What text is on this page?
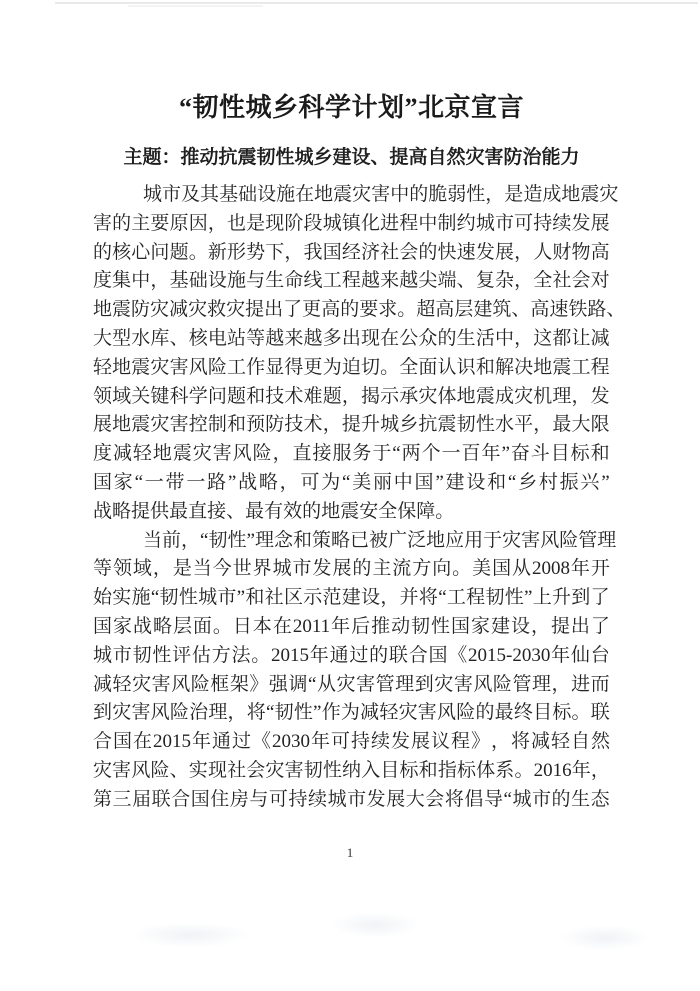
“韧性城乡科学计划”北京宣言
主题：推动抗震韧性城乡建设、提高自然灾害防治能力
城 市 及 其 基 础 设 施 在 地 震 灾 害 中 的 脆 弱 性 ， 是 造 成 地 震 灾
害 的 主 要 原 因 ， 也 是 现 阶 段 城 镇 化 进 程 中 制 约 城 市 可 持 续 发 展
的 核 心 问 题 。 新 形 势 下 ， 我 国 经 济 社 会 的 快 速 发 展 ， 人 财 物 高
度 集 中 ， 基 础 设 施 与 生 命 线 工 程 越 来 越 尖 端 、 复 杂 ， 全 社 会 对
地 震 防 灾 减 灾 救 灾 提 出 了 更 高 的 要 求 。 超 高 层 建 筑 、 高 速 铁 路 、
大 型 水 库 、 核 电 站 等 越 来 越 多 出 现 在 公 众 的 生 活 中 ， 这 都 让 减
轻 地 震 灾 害 风 险 工 作 显 得 更 为 迫 切 。 全 面 认 识 和 解 决 地 震 工 程
领 域 关 键 科 学 问 题 和 技 术 难 题 ， 揭 示 承 灾 体 地 震 成 灾 机 理 ， 发
展 地 震 灾 害 控 制 和 预 防 技 术 ， 提 升 城 乡 抗 震 韧 性 水 平 ， 最 大 限
度 减 轻 地 震 灾 害 风 险 ， 直 接 服 务 于 “ 两 个 一 百 年 ” 奋 斗 目 标 和
国 家 “ 一 带 一 路 ” 战 略 ， 可 为 “ 美 丽 中 国 ” 建 设 和 “ 乡 村 振 兴 ”
战 略 提 供 最 直 接 、 最 有 效 的 地 震 安 全 保 障 。
当 前 ， “ 韧 性 ” 理 念 和 策 略 已 被 广 泛 地 应 用 于 灾 害 风 险 管 理
等 领 域 ， 是 当 今 世 界 城 市 发 展 的 主 流 方 向 。 美 国 从 2008 年 开
始 实 施 “ 韧 性 城 市 ” 和 社 区 示 范 建 设 ， 并 将 “ 工 程 韧 性 ” 上 升 到 了
国 家 战 略 层 面 。 日 本 在 2011 年 后 推 动 韧 性 国 家 建 设 ， 提 出 了
城 市 韧 性 评 估 方 法 。 2015 年 通 过 的 联 合 国 《 2015-2030 年 仙 台
减 轻 灾 害 风 险 框 架 》 强 调 “ 从 灾 害 管 理 到 灾 害 风 险 管 理 ， 进 而
到 灾 害 风 险 治 理 ， 将 “ 韧 性 ” 作 为 减 轻 灾 害 风 险 的 最 终 目 标 。 联
合 国 在 2015 年 通 过 《 2030 年 可 持 续 发 展 议 程 》 ， 将 减 轻 自 然
灾 害 风 险 、 实 现 社 会 灾 害 韧 性 纳 入 目 标 和 指 标 体 系 。 2016 年 ，
第 三 届 联 合 国 住 房 与 可 持 续 城 市 发 展 大 会 将 倡 导 “ 城 市 的 生 态
1
